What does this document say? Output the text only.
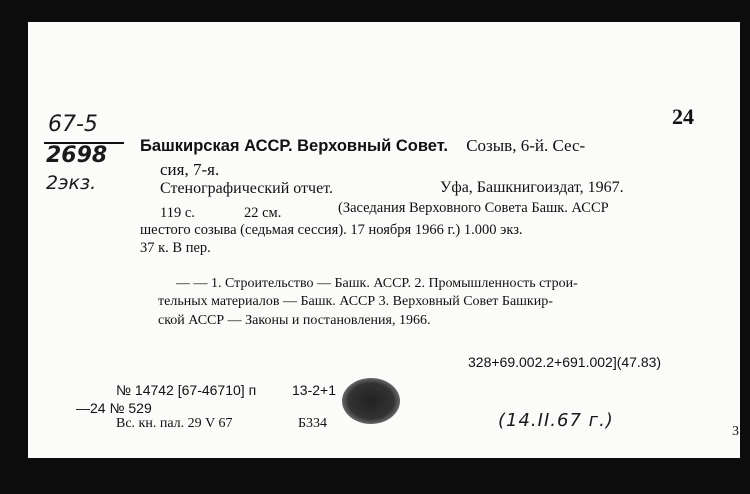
67-5
2698
2экз.
24
Башкирская АССР. Верховный Совет. Созыв, 6-й. Сес-
сия, 7-я.
Стенографический отчет.	Уфа, Башкнигоиздат, 1967.
119 с.	22 см.	(Заседания Верховного Совета Башк. АССР
шестого созыва (седьмая сессия). 17 ноября 1966 г.) 1.000 экз.
37 к. В пер.
— — 1. Строительство — Башк. АССР. 2. Промышленность строи-
тельных материалов — Башк. АССР 3. Верховный Совет Башкир-
ской АССР — Законы и постановления, 1966.
328+69.002.2+691.002](47.83)
№ 14742 [67-46710] п	13-2+1
—24 № 529
Вс. кн. пал. 29 V 67	Б334	(14.II.67 г.)
3
